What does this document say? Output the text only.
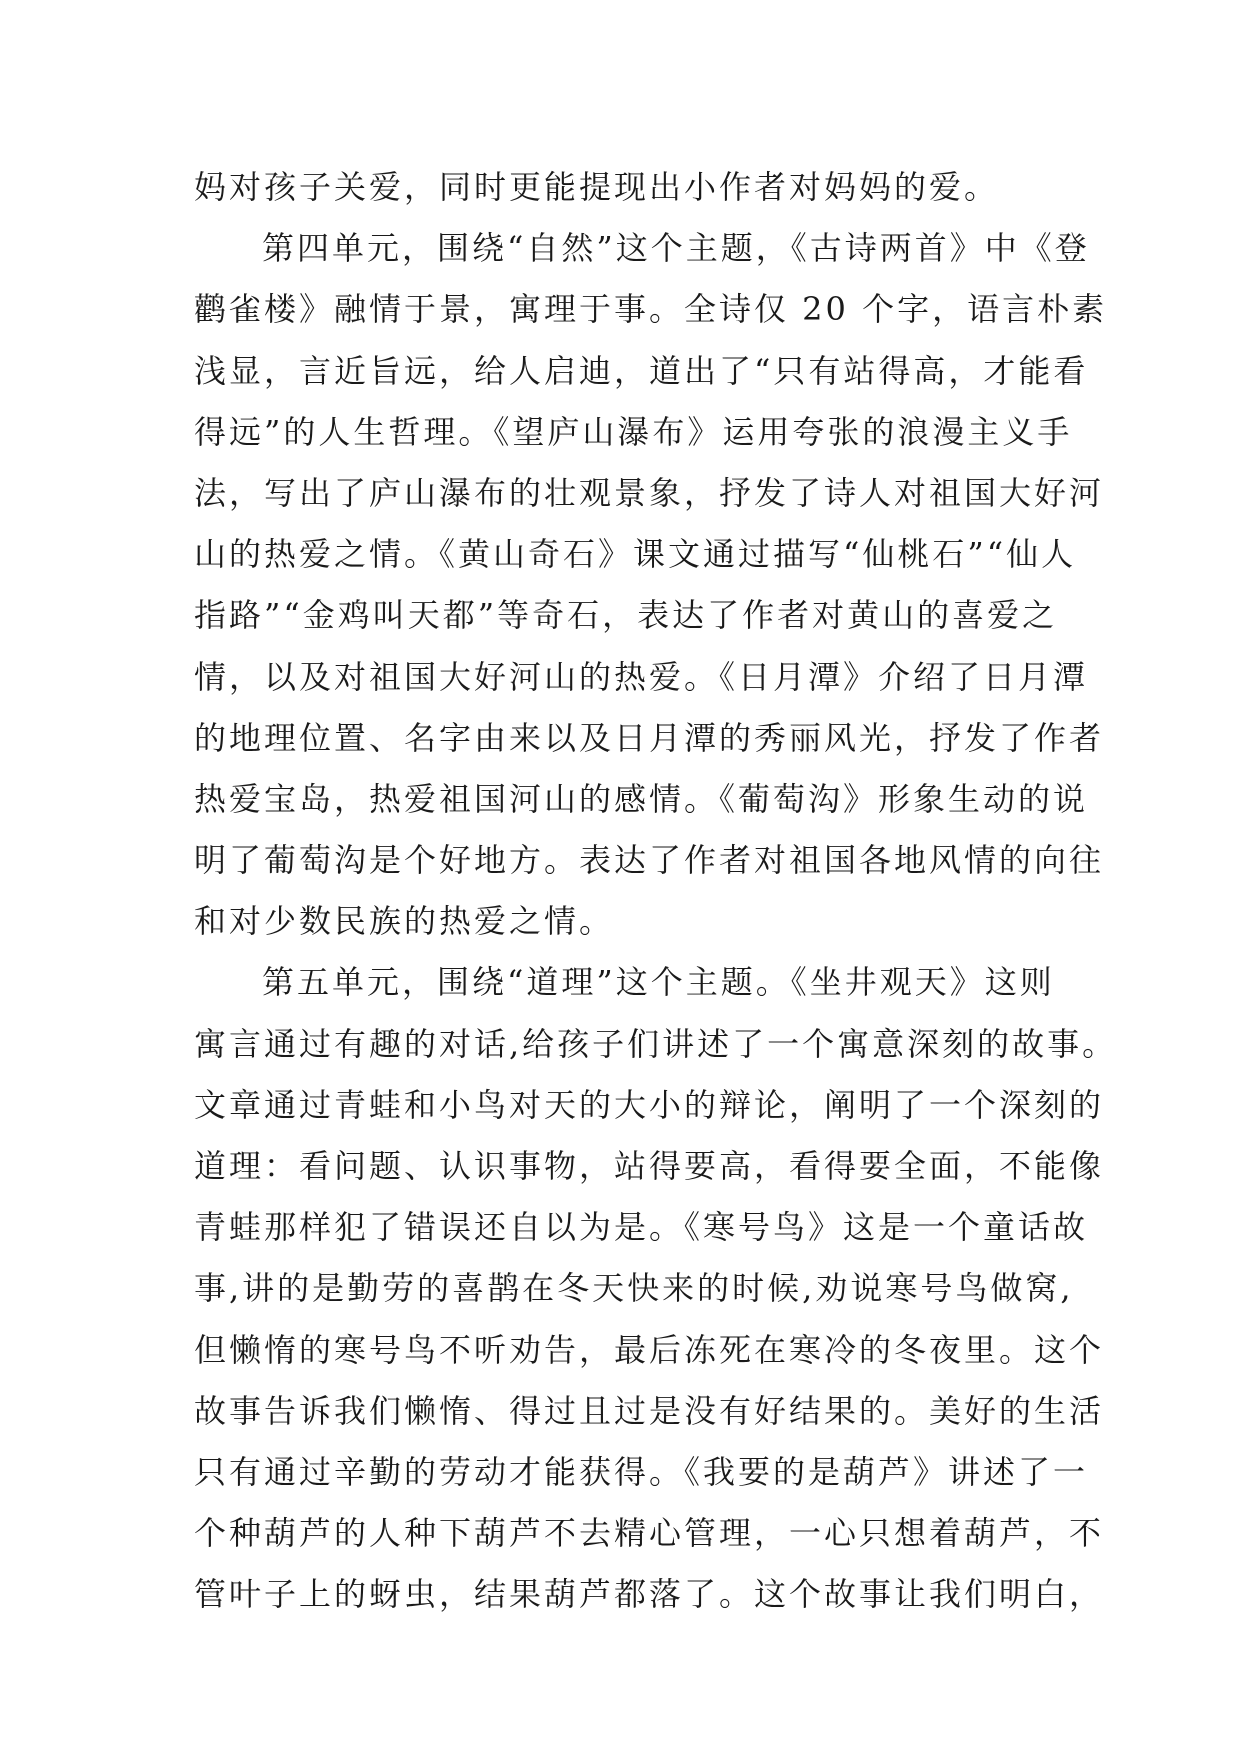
妈对孩子关爱，同时更能提现出小作者对妈妈的爱。
第四单元，围绕“自然”这个主题，《古诗两首》中《登
鹳雀楼》融情于景，寓理于事。全诗仅 20 个字，语言朴素
浅显，言近旨远，给人启迪，道出了“只有站得高，才能看
得远”的人生哲理。《望庐山瀑布》运用夸张的浪漫主义手
法，写出了庐山瀑布的壮观景象，抒发了诗人对祖国大好河
山的热爱之情。《黄山奇石》课文通过描写“仙桃石”“仙人
指路”“金鸡叫天都”等奇石，表达了作者对黄山的喜爱之
情，以及对祖国大好河山的热爱。《日月潭》介绍了日月潭
的地理位置、名字由来以及日月潭的秀丽风光，抒发了作者
热爱宝岛，热爱祖国河山的感情。《葡萄沟》形象生动的说
明了葡萄沟是个好地方。表达了作者对祖国各地风情的向往
和对少数民族的热爱之情。
第五单元，围绕“道理”这个主题。《坐井观天》这则
寓言通过有趣的对话,给孩子们讲述了一个寓意深刻的故事。
文章通过青蛙和小鸟对天的大小的辩论，阐明了一个深刻的
道理：看问题、认识事物，站得要高，看得要全面，不能像
青蛙那样犯了错误还自以为是。《寒号鸟》这是一个童话故
事,讲的是勤劳的喜鹊在冬天快来的时候,劝说寒号鸟做窝,
但懒惰的寒号鸟不听劝告，最后冻死在寒冷的冬夜里。这个
故事告诉我们懒惰、得过且过是没有好结果的。美好的生活
只有通过辛勤的劳动才能获得。《我要的是葫芦》讲述了一
个种葫芦的人种下葫芦不去精心管理，一心只想着葫芦，不
管叶子上的蚜虫，结果葫芦都落了。这个故事让我们明白，
